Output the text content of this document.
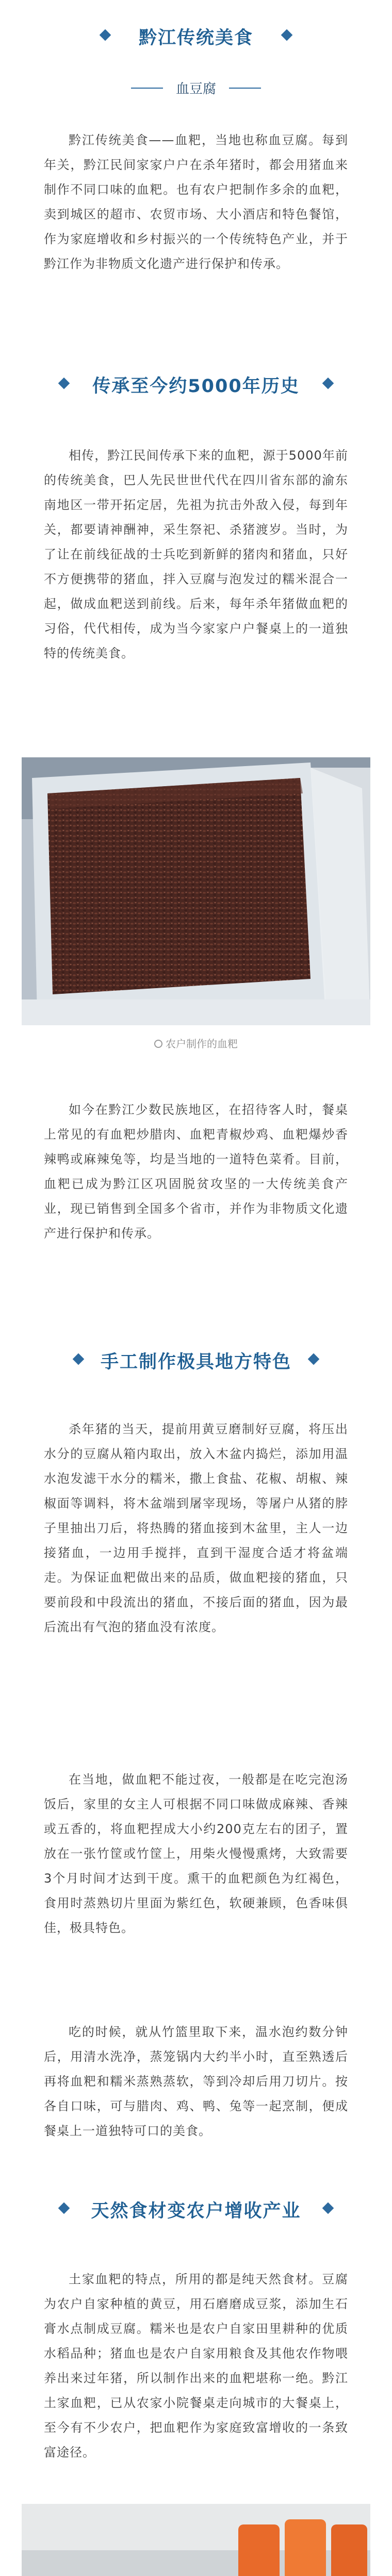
黔江传统美食
血豆腐

黔江传统美食——血粑，当地也称血豆腐。每到年关，黔江民间家家户户在杀年猪时，都会用猪血来制作不同口味的血粑。也有农户把制作多余的血粑，卖到城区的超市、农贸市场、大小酒店和特色餐馆，作为家庭增收和乡村振兴的一个传统特色产业，并于黔江作为非物质文化遗产进行保护和传承。

传承至今约5000年历史

相传，黔江民间传承下来的血粑，源于5000年前的传统美食，巴人先民世世代代在四川省东部的渝东南地区一带开拓定居，先祖为抗击外敌入侵，每到年关，都要请神酬神，采生祭祀、杀猪渡岁。当时，为了让在前线征战的士兵吃到新鲜的猪肉和猪血，只好不方便携带的猪血，拌入豆腐与泡发过的糯米混合一起，做成血粑送到前线。后来，每年杀年猪做血粑的习俗，代代相传，成为当今家家户户餐桌上的一道独特的传统美食。

农户制作的血粑

如今在黔江少数民族地区，在招待客人时，餐桌上常见的有血粑炒腊肉、血粑青椒炒鸡、血粑爆炒香辣鸭或麻辣兔等，均是当地的一道特色菜肴。目前，血粑已成为黔江区巩固脱贫攻坚的一大传统美食产业，现已销售到全国多个省市，并作为非物质文化遗产进行保护和传承。

手工制作极具地方特色

杀年猪的当天，提前用黄豆磨制好豆腐，将压出水分的豆腐从箱内取出，放入木盆内捣烂，添加用温水泡发滤干水分的糯米，撒上食盐、花椒、胡椒、辣椒面等调料，将木盆端到屠宰现场，等屠户从猪的脖子里抽出刀后，将热腾的猪血接到木盆里，主人一边接猪血，一边用手搅拌，直到干湿度合适才将盆端走。为保证血粑做出来的品质，做血粑接的猪血，只要前段和中段流出的猪血，不接后面的猪血，因为最后流出有气泡的猪血没有浓度。

在当地，做血粑不能过夜，一般都是在吃完泡汤饭后，家里的女主人可根据不同口味做成麻辣、香辣或五香的，将血粑捏成大小约200克左右的团子，置放在一张竹筐或竹筐上，用柴火慢慢熏烤，大致需要3个月时间才达到干度。熏干的血粑颜色为红褐色，食用时蒸熟切片里面为紫红色，软硬兼顾，色香味俱佳，极具特色。

吃的时候，就从竹篮里取下来，温水泡约数分钟后，用清水洗净，蒸笼锅内大约半小时，直至熟透后再将血粑和糯米蒸熟蒸软，等到冷却后用刀切片。按各自口味，可与腊肉、鸡、鸭、兔等一起烹制，便成餐桌上一道独特可口的美食。

天然食材变农户增收产业

土家血粑的特点，所用的都是纯天然食材。豆腐为农户自家种植的黄豆，用石磨磨成豆浆，添加生石膏水点制成豆腐。糯米也是农户自家田里耕种的优质水稻品种；猪血也是农户自家用粮食及其他农作物喂养出来过年猪，所以制作出来的血粑堪称一绝。黔江土家血粑，已从农家小院餐桌走向城市的大餐桌上，至今有不少农户，把血粑作为家庭致富增收的一条致富途径。
